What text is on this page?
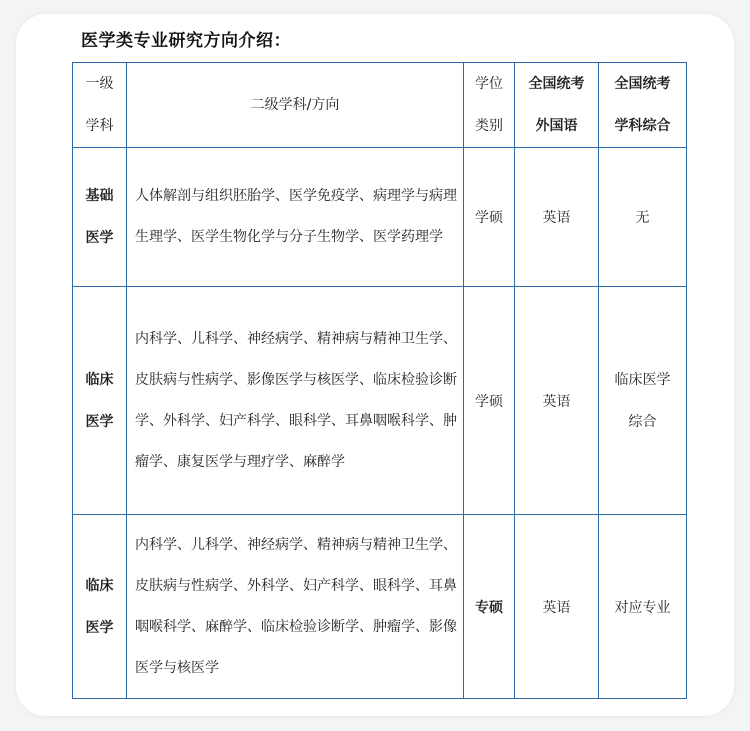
医学类专业研究方向介绍：
一级学科	二级学科/方向	学位类别	全国统考外国语	全国统考学科综合

基础医学	人体解剖与组织胚胎学、医学免疫学、病理学与病理生理学、医学生物化学与分子生物学、医学药理学	学硕	英语	无

临床医学	内科学、儿科学、神经病学、精神病与精神卫生学、皮肤病与性病学、影像医学与核医学、临床检验诊断学、外科学、妇产科学、眼科学、耳鼻咽喉科学、肿瘤学、康复医学与理疗学、麻醉学	学硕	英语	临床医学综合

临床医学	内科学、儿科学、神经病学、精神病与精神卫生学、皮肤病与性病学、外科学、妇产科学、眼科学、耳鼻咽喉科学、麻醉学、临床检验诊断学、肿瘤学、影像医学与核医学	专硕	英语	对应专业
